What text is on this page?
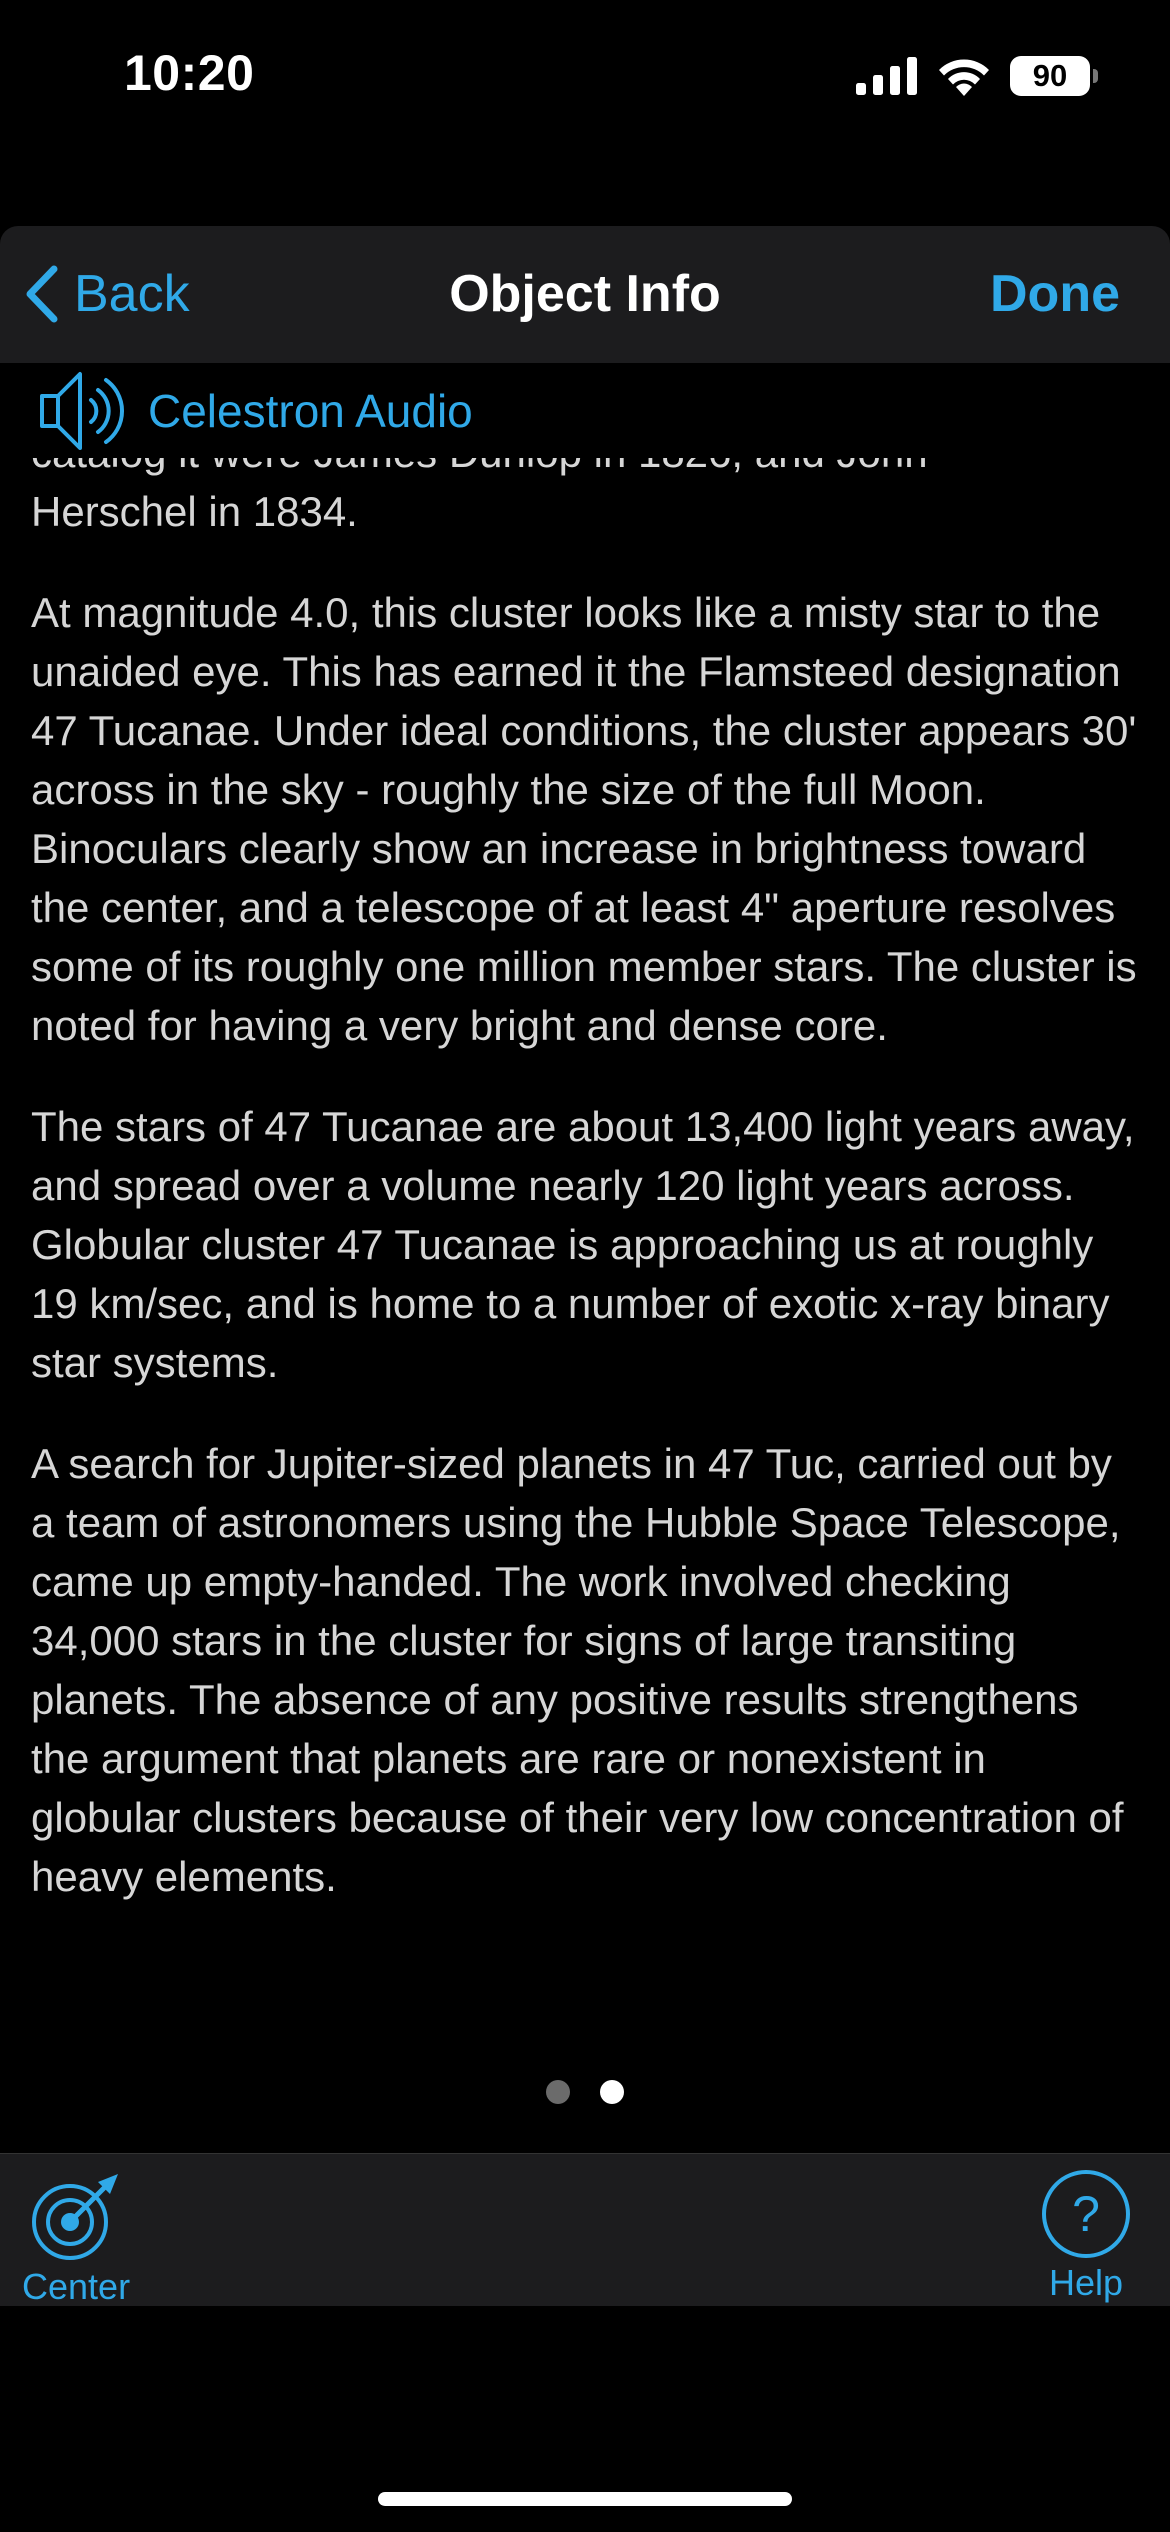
10:20	90
Back	Object Info	Done

Herschel in 1834.

At magnitude 4.0, this cluster looks like a misty star to the unaided eye. This has earned it the Flamsteed designation 47 Tucanae. Under ideal conditions, the cluster appears 30' across in the sky - roughly the size of the full Moon. Binoculars clearly show an increase in brightness toward the center, and a telescope of at least 4" aperture resolves some of its roughly one million member stars. The cluster is noted for having a very bright and dense core.

The stars of 47 Tucanae are about 13,400 light years away, and spread over a volume nearly 120 light years across. Globular cluster 47 Tucanae is approaching us at roughly 19 km/sec, and is home to a number of exotic x-ray binary star systems.

A search for Jupiter-sized planets in 47 Tuc, carried out by a team of astronomers using the Hubble Space Telescope, came up empty-handed. The work involved checking 34,000 stars in the cluster for signs of large transiting planets. The absence of any positive results strengthens the argument that planets are rare or nonexistent in globular clusters because of their very low concentration of heavy elements.

Celestron Audio
Center
?
Help
